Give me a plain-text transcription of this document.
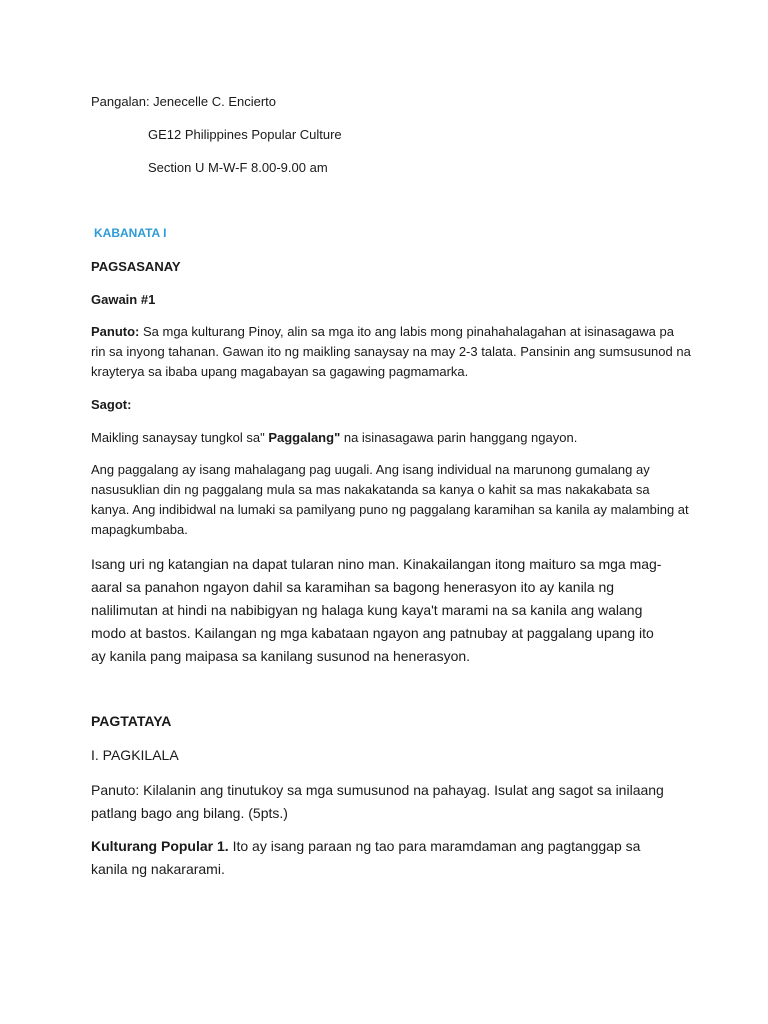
Pangalan: Jenecelle C. Encierto

GE12 Philippines Popular Culture

Section U M-W-F 8.00-9.00 am

KABANATA I

PAGSASANAY

Gawain #1

Panuto: Sa mga kulturang Pinoy, alin sa mga ito ang labis mong pinahahalagahan at isinasagawa pa rin sa inyong tahanan. Gawan ito ng maikling sanaysay na may 2-3 talata. Pansinin ang sumsusunod na krayterya sa ibaba upang magabayan sa gagawing pagmamarka.

Sagot:

Maikling sanaysay tungkol sa" Paggalang" na isinasagawa parin hanggang ngayon.

Ang paggalang ay isang mahalagang pag uugali. Ang isang individual na marunong gumalang ay nasusuklian din ng paggalang mula sa mas nakakatanda sa kanya o kahit sa mas nakakabata sa kanya. Ang indibidwal na lumaki sa pamilyang puno ng paggalang karamihan sa kanila ay malambing at mapagkumbaba.

Isang uri ng katangian na dapat tularan nino man. Kinakailangan itong maituro sa mga mag-aaral sa panahon ngayon dahil sa karamihan sa bagong henerasyon ito ay kanila ng nalilimutan at hindi na nabibigyan ng halaga kung kaya't marami na sa kanila ang walang modo at bastos. Kailangan ng mga kabataan ngayon ang patnubay at paggalang upang ito ay kanila pang maipasa sa kanilang susunod na henerasyon.

PAGTATAYA

I. PAGKILALA

Panuto: Kilalanin ang tinutukoy sa mga sumusunod na pahayag. Isulat ang sagot sa inilaang patlang bago ang bilang. (5pts.)

Kulturang Popular 1. Ito ay isang paraan ng tao para maramdaman ang pagtanggap sa kanila ng nakararami.
